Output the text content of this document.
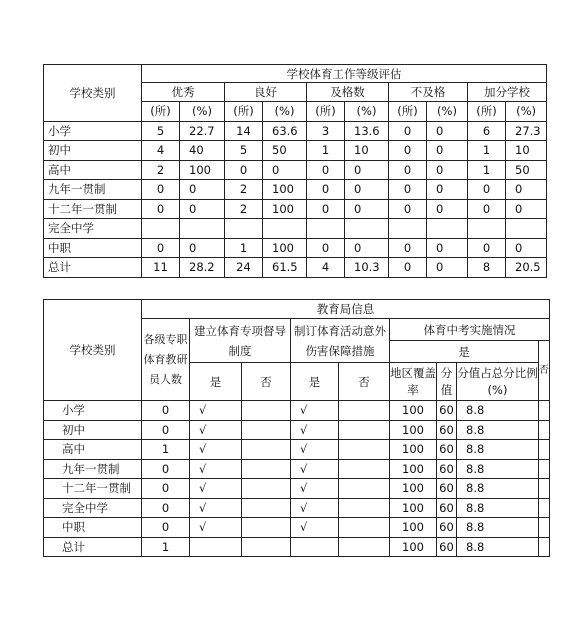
学校类别	学校体育工作等级评估									
	优秀		良好		及格数		不及格		加分学校	
	(所)	(%)	(所)	(%)	(所)	(%)	(所)	(%)	(所)	(%)
小学	5	22.7	14	63.6	3	13.6	0	0	6	27.3
初中	4	40	5	50	1	10	0	0	1	10
高中	2	100	0	0	0	0	0	0	1	50
九年一贯制	0	0	2	100	0	0	0	0	0	0
十二年一贯制	0	0	2	100	0	0	0	0	0	0
完全中学										
中职	0	0	1	100	0	0	0	0	0	0
总计	11	28.2	24	61.5	4	10.3	0	0	8	20.5
学校类别	教育局信息								
	各级专职体育教研员人数	建立体育专项督导制度		制订体育活动意外伤害保障措施		体育中考实施情况			
						是			否
		是	否	是	否	地区覆盖率	分值	分值占总分比例(%)	
小学	0	√		√		100	60	8.8	
初中	0	√		√		100	60	8.8	
高中	1	√		√		100	60	8.8	
九年一贯制	0	√		√		100	60	8.8	
十二年一贯制	0	√		√		100	60	8.8	
完全中学	0	√		√		100	60	8.8	
中职	0	√		√		100	60	8.8	
总计	1					100	60	8.8	
